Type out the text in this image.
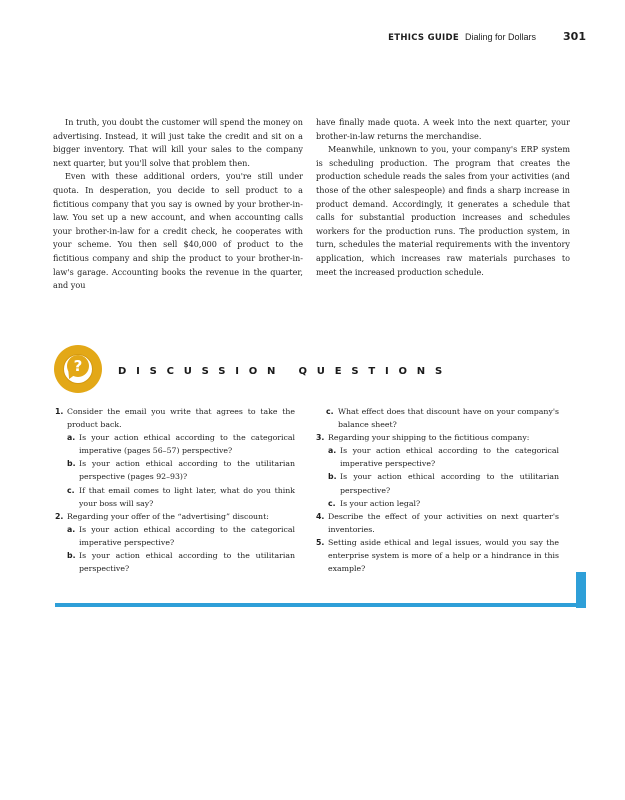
ETHICS GUIDE Dialing for Dollars 301

In truth, you doubt the customer will spend the money on advertising. Instead, it will just take the credit and sit on a bigger inventory. That will kill your sales to the company next quarter, but you'll solve that problem then.

Even with these additional orders, you're still under quota. In desperation, you decide to sell product to a fictitious company that you say is owned by your brother-in-law. You set up a new account, and when accounting calls your brother-in-law for a credit check, he cooperates with your scheme. You then sell $40,000 of product to the fictitious company and ship the product to your brother-in-law's garage. Accounting books the revenue in the quarter, and you

have finally made quota. A week into the next quarter, your brother-in-law returns the merchandise.

Meanwhile, unknown to you, your company's ERP system is scheduling production. The program that creates the production schedule reads the sales from your activities (and those of the other salespeople) and finds a sharp increase in product demand. Accordingly, it generates a schedule that calls for substantial production increases and schedules workers for the production runs. The production system, in turn, schedules the material requirements with the inventory application, which increases raw materials purchases to meet the increased production schedule.

?	DISCUSSION QUESTIONS
1. Consider the email you write that agrees to take the product back.
a. Is your action ethical according to the categorical imperative (pages 56–57) perspective?
b. Is your action ethical according to the utilitarian perspective (pages 92–93)?
c. If that email comes to light later, what do you think your boss will say?
2. Regarding your offer of the “advertising” discount:
a. Is your action ethical according to the categorical imperative perspective?
b. Is your action ethical according to the utilitarian perspective?
c. What effect does that discount have on your company's balance sheet?
3. Regarding your shipping to the fictitious company:
a. Is your action ethical according to the categorical imperative perspective?
b. Is your action ethical according to the utilitarian perspective?
c. Is your action legal?
4. Describe the effect of your activities on next quarter's inventories.
5. Setting aside ethical and legal issues, would you say the enterprise system is more of a help or a hindrance in this example?
